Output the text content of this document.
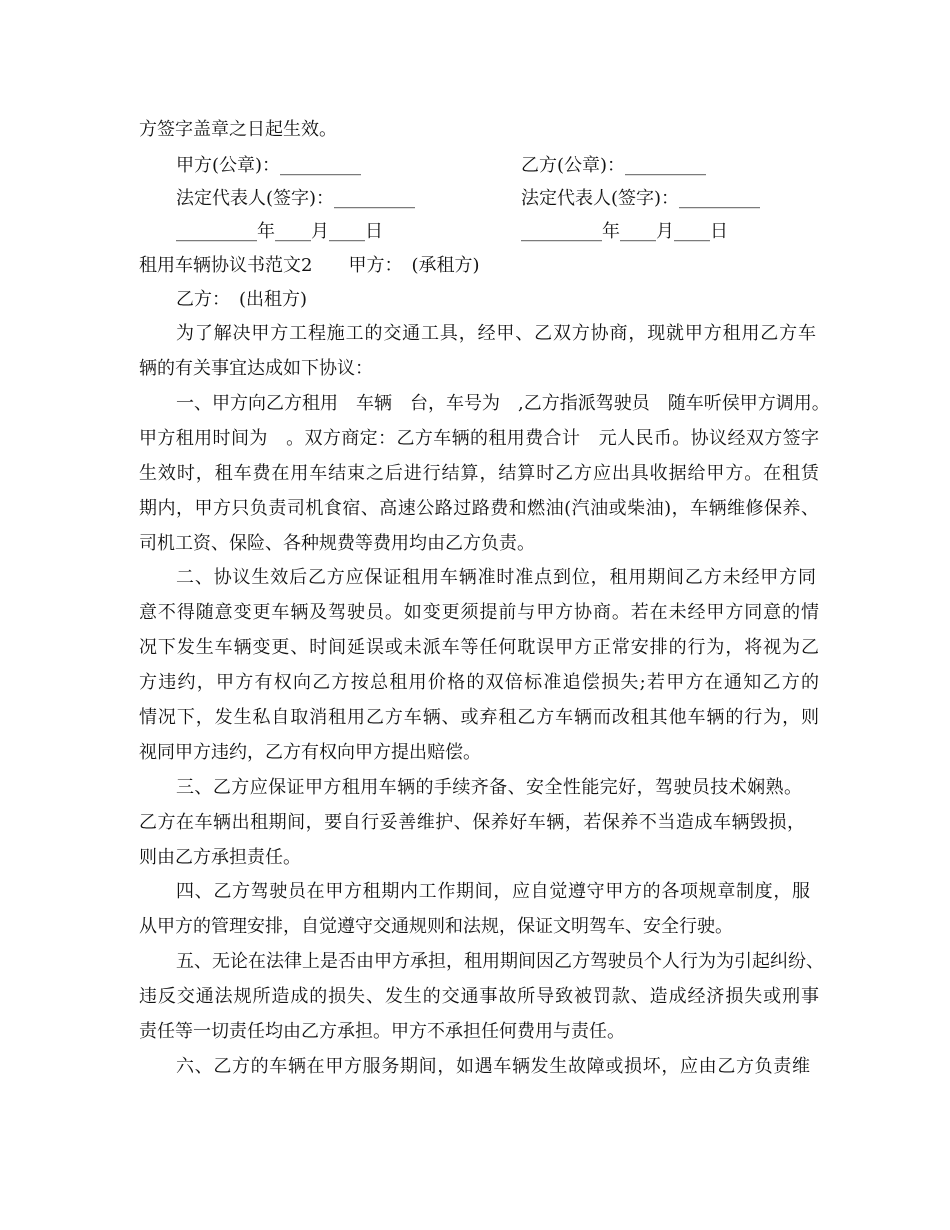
方签字盖章之日起生效。
甲方(公章)：_________	乙方(公章)：_________
法定代表人(签字)：_________	法定代表人(签字)：_________
_________年____月____日	_________年____月____日
租用车辆协议书范文2　　甲方：　(承租方)
乙方：　(出租方)
为了解决甲方工程施工的交通工具，经甲、乙双方协商，现就甲方租用乙方车
辆的有关事宜达成如下协议：
一、甲方向乙方租用　车辆　台，车号为　,乙方指派驾驶员　随车听侯甲方调用。
甲方租用时间为　。双方商定：乙方车辆的租用费合计　元人民币。协议经双方签字
生效时，租车费在用车结束之后进行结算，结算时乙方应出具收据给甲方。在租赁
期内，甲方只负责司机食宿、高速公路过路费和燃油(汽油或柴油)，车辆维修保养、
司机工资、保险、各种规费等费用均由乙方负责。
二、协议生效后乙方应保证租用车辆准时准点到位，租用期间乙方未经甲方同
意不得随意变更车辆及驾驶员。如变更须提前与甲方协商。若在未经甲方同意的情
况下发生车辆变更、时间延误或未派车等任何耽误甲方正常安排的行为，将视为乙
方违约，甲方有权向乙方按总租用价格的双倍标准追偿损失;若甲方在通知乙方的
情况下，发生私自取消租用乙方车辆、或弃租乙方车辆而改租其他车辆的行为，则
视同甲方违约，乙方有权向甲方提出赔偿。
三、乙方应保证甲方租用车辆的手续齐备、安全性能完好，驾驶员技术娴熟。
乙方在车辆出租期间，要自行妥善维护、保养好车辆，若保养不当造成车辆毁损，
则由乙方承担责任。
四、乙方驾驶员在甲方租期内工作期间，应自觉遵守甲方的各项规章制度，服
从甲方的管理安排，自觉遵守交通规则和法规，保证文明驾车、安全行驶。
五、无论在法律上是否由甲方承担，租用期间因乙方驾驶员个人行为为引起纠纷、
违反交通法规所造成的损失、发生的交通事故所导致被罚款、造成经济损失或刑事
责任等一切责任均由乙方承担。甲方不承担任何费用与责任。
六、乙方的车辆在甲方服务期间，如遇车辆发生故障或损坏，应由乙方负责维
